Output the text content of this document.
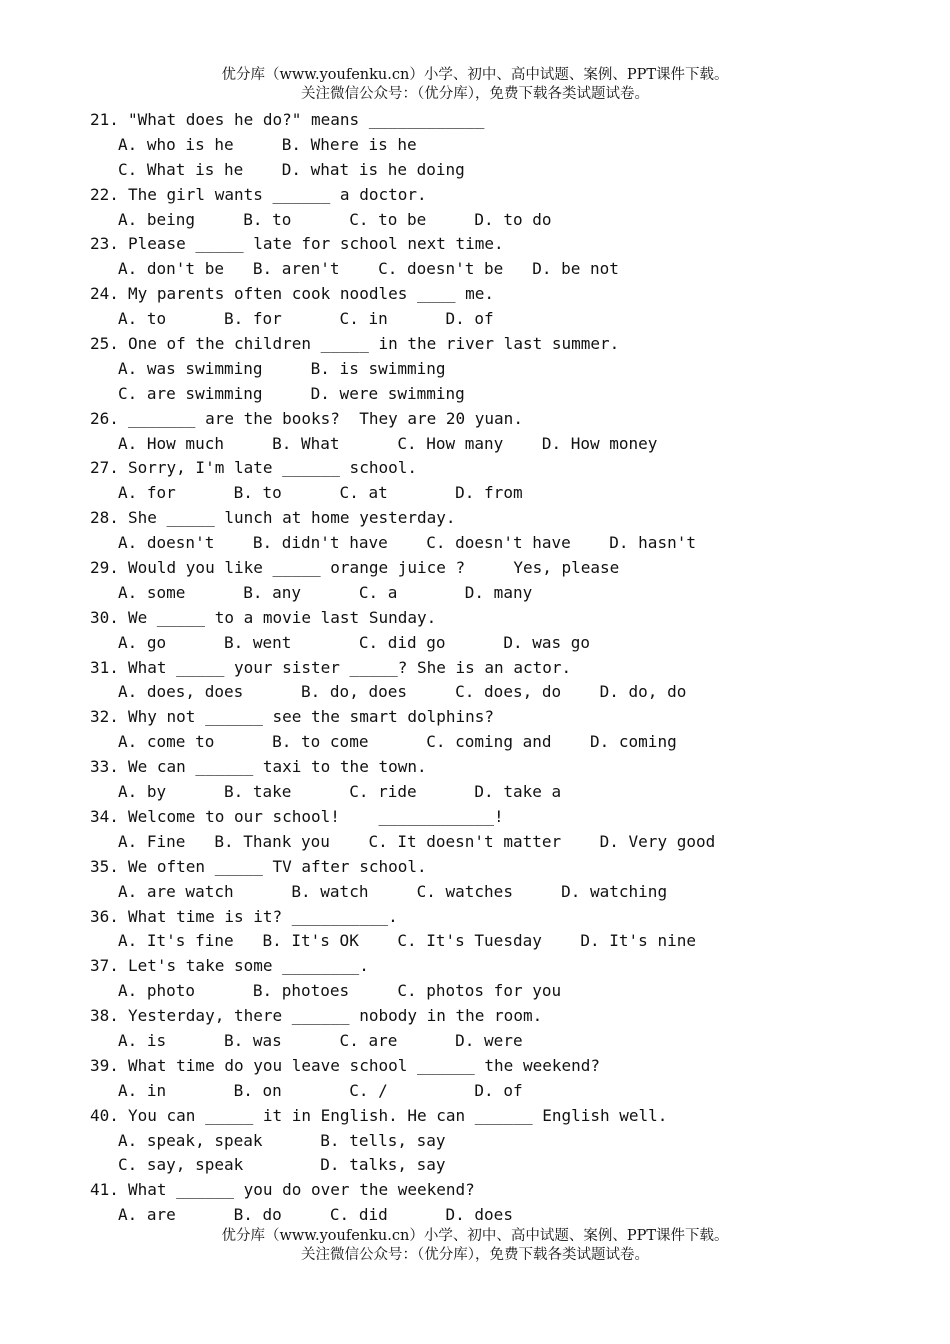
优分库（www.youfenku.cn）小学、初中、高中试题、案例、PPT课件下载。
关注微信公众号：（优分库），免费下载各类试题试卷。
21. "What does he do?" means ____________
A. who is he     B. Where is he
C. What is he    D. what is he doing
22. The girl wants ______ a doctor.
A. being     B. to      C. to be     D. to do
23. Please _____ late for school next time.
A. don't be   B. aren't    C. doesn't be   D. be not
24. My parents often cook noodles ____ me.
A. to      B. for      C. in      D. of
25. One of the children _____ in the river last summer.
A. was swimming     B. is swimming
C. are swimming     D. were swimming
26. _______ are the books?  They are 20 yuan.
A. How much     B. What      C. How many    D. How money
27. Sorry, I'm late ______ school.
A. for      B. to      C. at       D. from
28. She _____ lunch at home yesterday.
A. doesn't    B. didn't have    C. doesn't have    D. hasn't
29. Would you like _____ orange juice ?     Yes, please
A. some      B. any      C. a       D. many
30. We _____ to a movie last Sunday.
A. go      B. went       C. did go      D. was go
31. What _____ your sister _____? She is an actor.
A. does, does      B. do, does     C. does, do    D. do, do
32. Why not ______ see the smart dolphins?
A. come to      B. to come      C. coming and    D. coming
33. We can ______ taxi to the town.
A. by      B. take      C. ride      D. take a
34. Welcome to our school!    ____________!
A. Fine   B. Thank you    C. It doesn't matter    D. Very good
35. We often _____ TV after school.
A. are watch      B. watch     C. watches     D. watching
36. What time is it? __________.
A. It's fine   B. It's OK    C. It's Tuesday    D. It's nine
37. Let's take some ________.
A. photo      B. photoes     C. photos for you
38. Yesterday, there ______ nobody in the room.
A. is      B. was      C. are      D. were
39. What time do you leave school ______ the weekend?
A. in       B. on       C. /         D. of
40. You can _____ it in English. He can ______ English well.
A. speak, speak      B. tells, say
C. say, speak        D. talks, say
41. What ______ you do over the weekend?
A. are      B. do     C. did      D. does
优分库（www.youfenku.cn）小学、初中、高中试题、案例、PPT课件下载。
关注微信公众号：（优分库），免费下载各类试题试卷。
